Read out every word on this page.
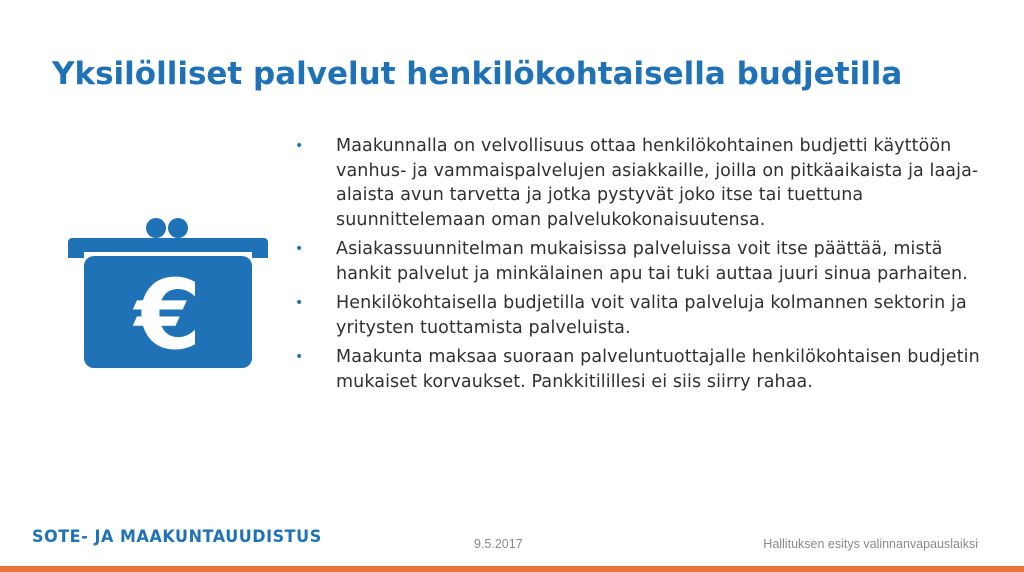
Yksilölliset palvelut henkilökohtaisella budjetilla
€
• Maakunnalla on velvollisuus ottaa henkilökohtainen budjetti käyttöön vanhus- ja vammaispalvelujen asiakkaille, joilla on pitkäaikaista ja laaja-alaista avun tarvetta ja jotka pystyvät joko itse tai tuettuna suunnittelemaan oman palvelukokonaisuutensa.
• Asiakassuunnitelman mukaisissa palveluissa voit itse päättää, mistä hankit palvelut ja minkälainen apu tai tuki auttaa juuri sinua parhaiten.
• Henkilökohtaisella budjetilla voit valita palveluja kolmannen sektorin ja yritysten tuottamista palveluista.
• Maakunta maksaa suoraan palveluntuottajalle henkilökohtaisen budjetin mukaiset korvaukset. Pankkitilillesi ei siis siirry rahaa.
SOTE- JA MAAKUNTAUUDISTUS	9.5.2017	Hallituksen esitys valinnanvapauslaiksi
